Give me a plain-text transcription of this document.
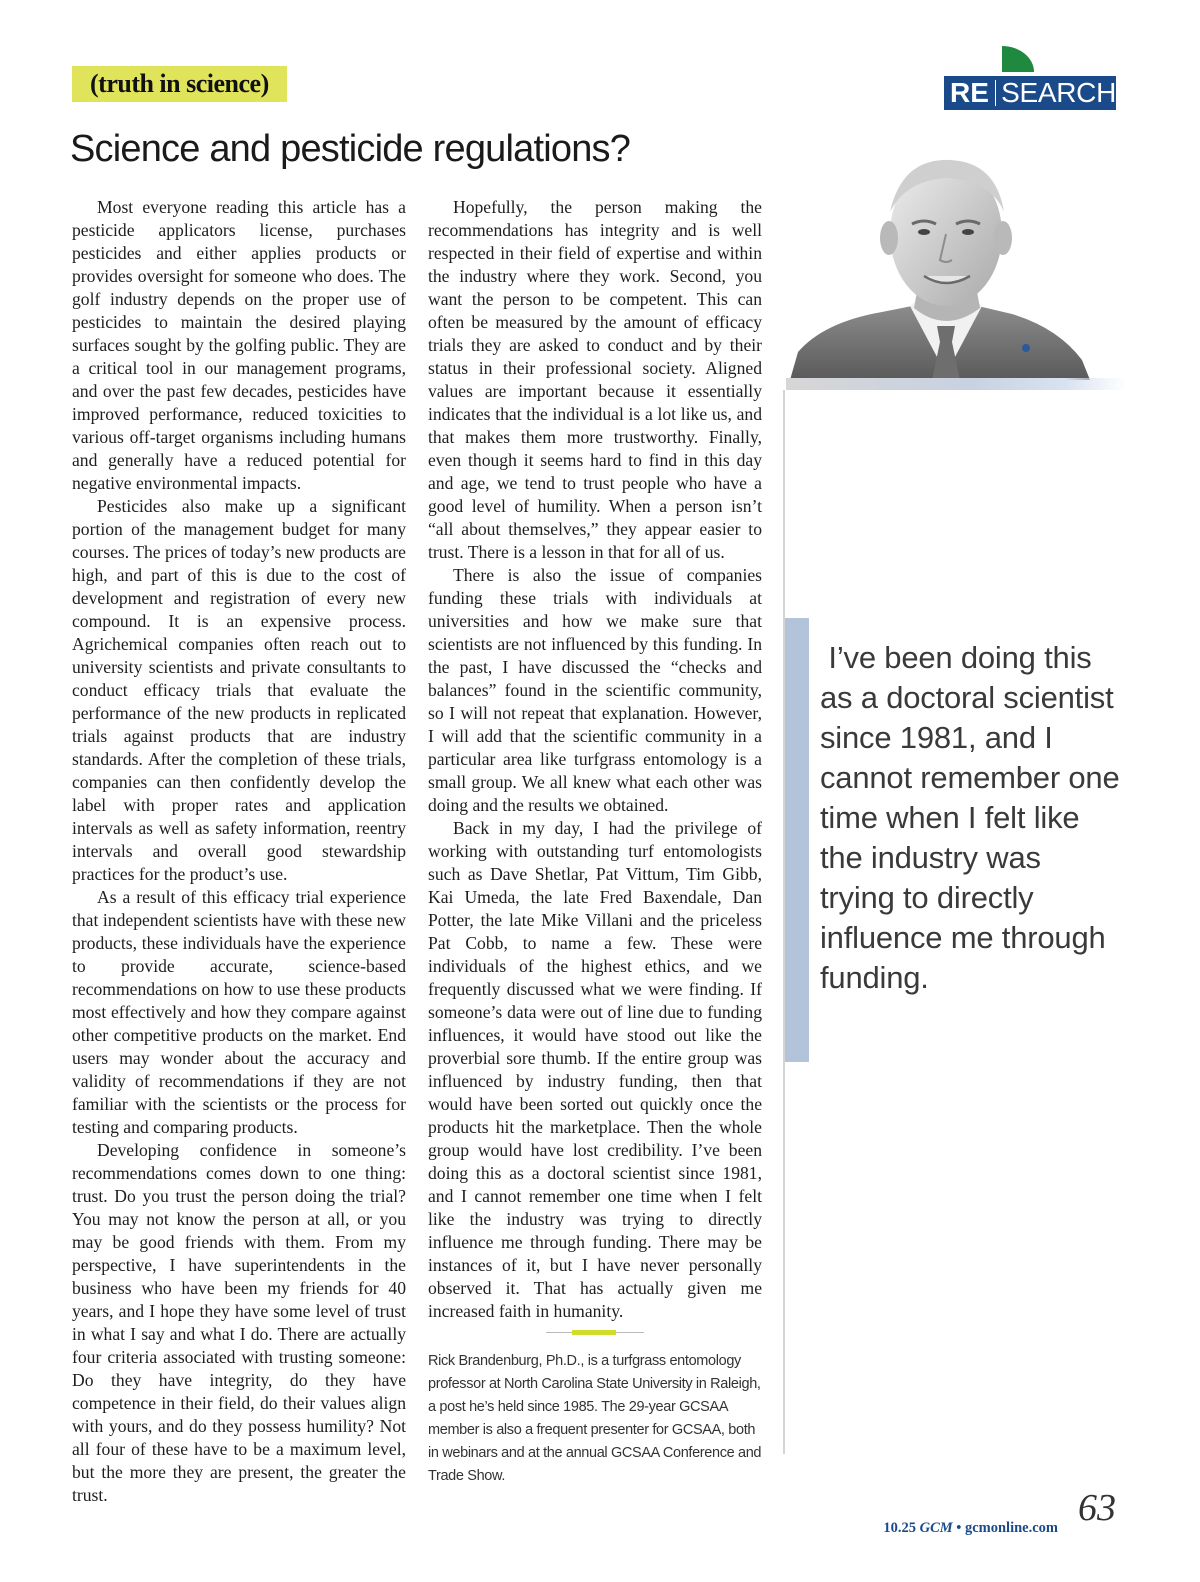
(truth in science)	RE SEARCH
Science and pesticide regulations?

Most everyone reading this article has a pesticide applicators license, purchases pesticides and either applies products or provides oversight for someone who does. The golf industry depends on the proper use of pesticides to maintain the desired playing surfaces sought by the golfing public. They are a critical tool in our management programs, and over the past few decades, pesticides have improved performance, reduced toxicities to various off-target organisms including humans and generally have a reduced potential for negative environmental impacts.

Pesticides also make up a significant portion of the management budget for many courses. The prices of today’s new products are high, and part of this is due to the cost of development and registration of every new compound. It is an expensive process. Agrichemical companies often reach out to university scientists and private consultants to conduct efficacy trials that evaluate the performance of the new products in replicated trials against products that are industry standards. After the completion of these trials, companies can then confidently develop the label with proper rates and application intervals as well as safety information, reentry intervals and overall good stewardship practices for the product’s use.

As a result of this efficacy trial experience that independent scientists have with these new products, these individuals have the experience to provide accurate, science-based recommendations on how to use these products most effectively and how they compare against other competitive products on the market. End users may wonder about the accuracy and validity of recommendations if they are not familiar with the scientists or the process for testing and comparing products.

Developing confidence in someone’s recommendations comes down to one thing: trust. Do you trust the person doing the trial? You may not know the person at all, or you may be good friends with them. From my perspective, I have superintendents in the business who have been my friends for 40 years, and I hope they have some level of trust in what I say and what I do. There are actually four criteria associated with trusting someone: Do they have integrity, do they have competence in their field, do their values align with yours, and do they possess humility? Not all four of these have to be a maximum level, but the more they are present, the greater the trust.

Hopefully, the person making the recommendations has integrity and is well respected in their field of expertise and within the industry where they work. Second, you want the person to be competent. This can often be measured by the amount of efficacy trials they are asked to conduct and by their status in their professional society. Aligned values are important because it essentially indicates that the individual is a lot like us, and that makes them more trustworthy. Finally, even though it seems hard to find in this day and age, we tend to trust people who have a good level of humility. When a person isn’t “all about themselves,” they appear easier to trust. There is a lesson in that for all of us.

There is also the issue of companies funding these trials with individuals at universities and how we make sure that scientists are not influenced by this funding. In the past, I have discussed the “checks and balances” found in the scientific community, so I will not repeat that explanation. However, I will add that the scientific community in a particular area like turfgrass entomology is a small group. We all knew what each other was doing and the results we obtained.

Back in my day, I had the privilege of working with outstanding turf entomologists such as Dave Shetlar, Pat Vittum, Tim Gibb, Kai Umeda, the late Fred Baxendale, Dan Potter, the late Mike Villani and the priceless Pat Cobb, to name a few. These were individuals of the highest ethics, and we frequently discussed what we were finding. If someone’s data were out of line due to funding influences, it would have stood out like the proverbial sore thumb. If the entire group was influenced by industry funding, then that would have been sorted out quickly once the products hit the marketplace. Then the whole group would have lost credibility. I’ve been doing this as a doctoral scientist since 1981, and I cannot remember one time when I felt like the industry was trying to directly influence me through funding. There may be instances of it, but I have never personally observed it. That has actually given me increased faith in humanity.

Rick Brandenburg, Ph.D., is a turfgrass entomology professor at North Carolina State University in Raleigh, a post he’s held since 1985. The 29-year GCSAA member is also a frequent presenter for GCSAA, both in webinars and at the annual GCSAA Conference and Trade Show.

I’ve been doing this as a doctoral scientist since 1981, and I cannot remember one time when I felt like the industry was trying to directly influence me through funding.

10.25 GCM • gcmonline.com 63
